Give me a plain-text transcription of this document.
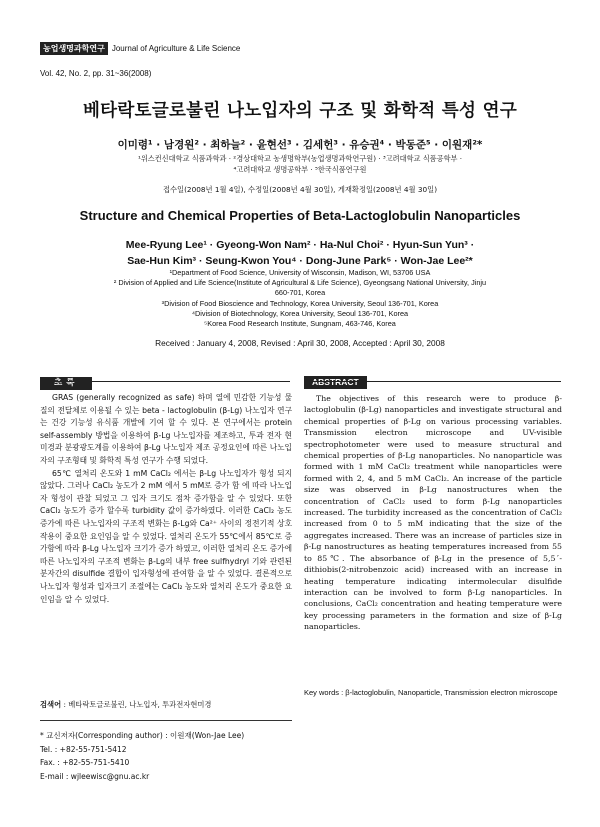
농업생명과학연구 Journal of Agriculture & Life Science
Vol. 42, No. 2, pp. 31~36(2008)
베타락토글로불린 나노입자의 구조 및 화학적 특성 연구
이미령¹ · 남경원² · 최하늘² · 윤현선³ · 김세헌³ · 유승권⁴ · 박동준⁵ · 이원재²*
¹위스컨신대학교 식품과학과 · ²경상대학교 농생명학부(농업생명과학연구원) · ³고려대학교 식품공학부 ·
⁴고려대학교 생명공학부 · ⁵한국식품연구원
접수일(2008년 1월 4일), 수정일(2008년 4월 30일), 게재확정일(2008년 4월 30일)
Structure and Chemical Properties of Beta-Lactoglobulin Nanoparticles
Mee-Ryung Lee¹ · Gyeong-Won Nam² · Ha-Nul Choi² · Hyun-Sun Yun³ ·
Sae-Hun Kim³ · Seung-Kwon You⁴ · Dong-June Park⁵ · Won-Jae Lee²*
¹Department of Food Science, University of Wisconsin, Madison, WI, 53706 USA
² Division of Applied and Life Science(Institute of Agricultural & Life Science), Gyeongsang National University, Jinju
660-701, Korea
³Division of Food Bioscience and Technology, Korea University, Seoul 136-701, Korea
⁴Division of Biotechnology, Korea University, Seoul 136-701, Korea
⁵Korea Food Research Institute, Sungnam, 463-746, Korea
Received : January 4, 2008, Revised : April 30, 2008, Accepted : April 30, 2008
초록	ABSTRACT

GRAS (generally recognized as safe) 하며 열에 민감한 기능성 물질의 전달체로 이용될 수 있는 beta - lactoglobulin (β-Lg) 나노입자 연구는 건강 기능성 유식품 개발에 기여 할 수 있다. 본 연구에서는 protein self-assembly 방법을 이용하여 β-Lg 나노입자를 제조하고, 투과 전자 현미경과 분광광도계를 이용하여 β-Lg 나노입자 제조 공정요인에 따른 나노입자의 구조형태 및 화학적 특성 연구가 수행 되었다.

65℃ 열처리 온도와 1 mM CaCl₂ 에서는 β-Lg 나노입자가 형성 되지 않았다. 그러나 CaCl₂ 농도가 2 mM 에서 5 mM로 증가 함 에 따라 나노입자 형성이 관찰 되었고 그 입자 크기도 점차 증가함을 알 수 있었다. 또한 CaCl₂ 농도가 증가 할수록 turbidity 값이 증가하였다. 이러한 CaCl₂ 농도 증가에 따른 나노입자의 구조적 변화는 β-Lg와 Ca²⁺ 사이의 정전기적 상호작용이 중요한 요인임을 알 수 있었다. 열처리 온도가 55℃에서 85℃로 증가함에 따라 β-Lg 나노입자 크기가 증가 하였고, 이러한 열처리 온도 증가에 따른 나노입자의 구조적 변화는 β-Lg의 내부 free sulfhydryl 기와 관련된 분자간의 disulfide 결합이 입자형성에 관여함 을 알 수 있었다. 결론적으로 나노입자 형성과 입자크기 조절에는 CaCl₂ 농도와 열처리 온도가 중요한 요인임을 알 수 있었다.

검색어 : 베타락토글로불린, 나노입자, 투과전자현미경

The objectives of this research were to produce β-lactoglobulin (β-Lg) nanoparticles and investigate structural and chemical properties of β-Lg on various processing variables. Transmission electron microscope and UV-visible spectrophotometer were used to measure structural and chemical properties of β-Lg nanoparticles. No nanoparticle was formed with 1 mM CaCl₂ treatment while nanoparticles were formed with 2, 4, and 5 mM CaCl₂. An increase of the particle size was observed in β-Lg nanostructures when the concentration of CaCl₂ used to form β-Lg nanoparticles increased. The turbidity increased as the concentration of CaCl₂ increased from 0 to 5 mM indicating that the size of the aggregates increased. There was an increase of particles size in β-Lg nanostructures as heating temperatures increased from 55 to 85℃. The absorbance of β-Lg in the presence of 5,5´-dithiobis(2-nitrobenzoic acid) increased with an increase in heating temperature indicating intermolecular disulfide interaction can be involved to form β-Lg nanoparticles. In conclusions, CaCl₂ concentration and heating temperature were key processing parameters in the formation and size of β-Lg nanoparticles.

Key words : β-lactoglobulin, Nanoparticle, Transmission electron microscope
* 교신저자(Corresponding author) : 이원재(Won-Jae Lee)
Tel. : +82-55-751-5412
Fax. : +82-55-751-5410
E-mail : wjleewisc@gnu.ac.kr
